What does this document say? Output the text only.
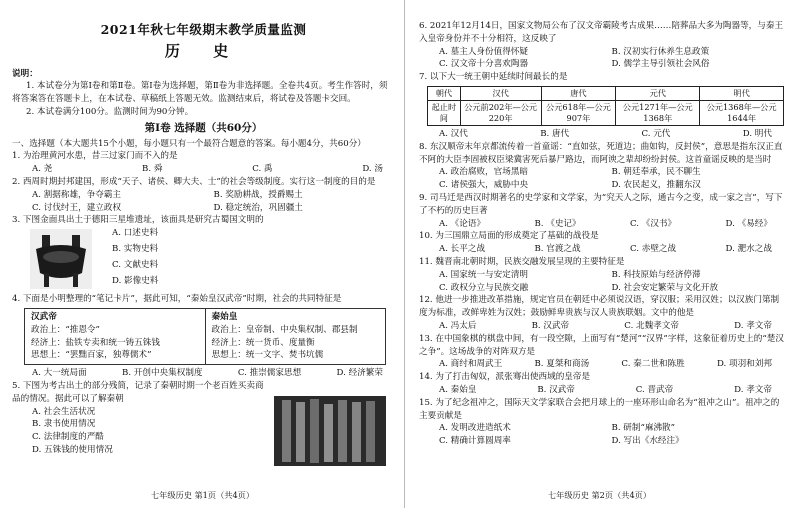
2021年秋七年级期末教学质量监测
历 史
说明：

1. 本试卷分为第Ⅰ卷和第Ⅱ卷。第Ⅰ卷为选择题，第Ⅱ卷为非选择题。全卷共4页。考生作答时，须将答案答在答题卡上，在本试卷、草稿纸上答题无效。监测结束后，将试卷及答题卡交回。

2. 本试卷满分100分。监测时间为90分钟。

第Ⅰ卷 选择题（共60分）

一、选择题（本大题共15个小题，每小题只有一个最符合题意的答案。每小题4分，共60分）

1. 为治理黄河水患，昔三过家门而不入的是

A. 尧	B. 舜	C. 禹	D. 汤

2. 西周时期封邦建国，形成“天子、诸侯、卿大夫、士”的社会等级制度。实行这一制度的目的是

A. 割据称雄，争夺霸主	B. 奖励耕战，授爵赐土
C. 讨伐纣王，建立政权	D. 稳定统治，巩固疆土

3. 下图金面具出土于德阳三星堆遗址，该面具是研究古蜀国文明的

A. 口述史料
B. 实物史料
C. 文献史料
D. 影像史料

4. 下面是小明整理的“笔记卡片”，据此可知，“秦始皇汉武帝”时期，社会的共同特征是

汉武帝
政治上：“推恩令”
经济上：盐铁专卖和统一铸五铢钱
思想上：“罢黜百家，独尊儒术”
秦始皇
政治上：皇帝制、中央集权制、郡县制
经济上：统一货币、度量衡
思想上：统一文字、焚书坑儒
A. 大一统局面	B. 开创中央集权制度	C. 推崇儒家思想	D. 经济繁荣

5. 下图为考古出土的部分残简，记录了秦朝时期一个老百姓买卖商品的情况。据此可以了解秦朝

A. 社会生活状况
B. 隶书使用情况
C. 法律制度的严酷
D. 五铢钱的使用情况
七年级历史 第1页（共4页）

6. 2021年12月14日，国家文物局公布了汉文帝霸陵考古成果……陪葬品大多为陶器等，与秦王入皇帝身份并不十分相符，这反映了

A. 墓主人身份值得怀疑	B. 汉初实行休养生息政策
C. 汉文帝十分喜欢陶器	D. 儒学主导引领社会风俗

7. 以下大一统王朝中延续时间最长的是

朝代	汉代	唐代	元代	明代
起止时间	公元前202年—公元220年	公元618年—公元907年	公元1271年—公元1368年	公元1368年—公元1644年
A. 汉代	B. 唐代	C. 元代	D. 明代

8. 东汉顺帝末年京都流传着一首童谣：“直如弦，死道边；曲如钩，反封侯”，意思是指东汉正直不阿的大臣李固被权臣梁冀害死后暴尸路边，而阿谀之辈却纷纷封侯。这首童谣反映的是当时

A. 政治腐败，官场黑暗	B. 朝廷奉承，民不聊生
C. 诸侯强大，威胁中央	D. 农民起义，推翻东汉

9. 司马迁是西汉时期著名的史学家和文学家，为“究天人之际，通古今之变，成一家之言”，写下了不朽的历史巨著

A. 《论语》	B. 《史记》	C. 《汉书》	D. 《易经》

10. 为三国鼎立局面的形成奠定了基础的战役是

A. 长平之战	B. 官渡之战	C. 赤壁之战	D. 淝水之战

11. 魏晋南北朝时期，民族交融发展呈现的主要特征是

A. 国家统一与安定清明	B. 科技原始与经济停滞
C. 政权分立与民族交融	D. 社会安定繁荣与文化开放

12. 他进一步推进改革措施，规定官员在朝廷中必须说汉语，穿汉服；采用汉姓；以汉族门第制度为标准，改鲜卑姓为汉姓；鼓励鲜卑贵族与汉人贵族联姻。文中的他是

A. 冯太后	B. 汉武帝	C. 北魏孝文帝	D. 孝文帝

13. 在中国象棋的棋盘中间，有一段空隙，上面写有“楚河”“汉界”字样，这象征着历史上的“楚汉之争”。这场战争的对阵双方是

A. 商纣和周武王	B. 夏桀和商汤	C. 秦二世和陈胜	D. 项羽和刘邦

14. 为了打击匈奴，派张骞出使西域的皇帝是

A. 秦始皇	B. 汉武帝	C. 晋武帝	D. 孝文帝

15. 为了纪念祖冲之，国际天文学家联合会把月球上的一座环形山命名为“祖冲之山”。祖冲之的主要贡献是

A. 发明改进造纸术	B. 研制“麻沸散”
C. 精确计算圆周率	D. 写出《水经注》
七年级历史 第2页（共4页）
